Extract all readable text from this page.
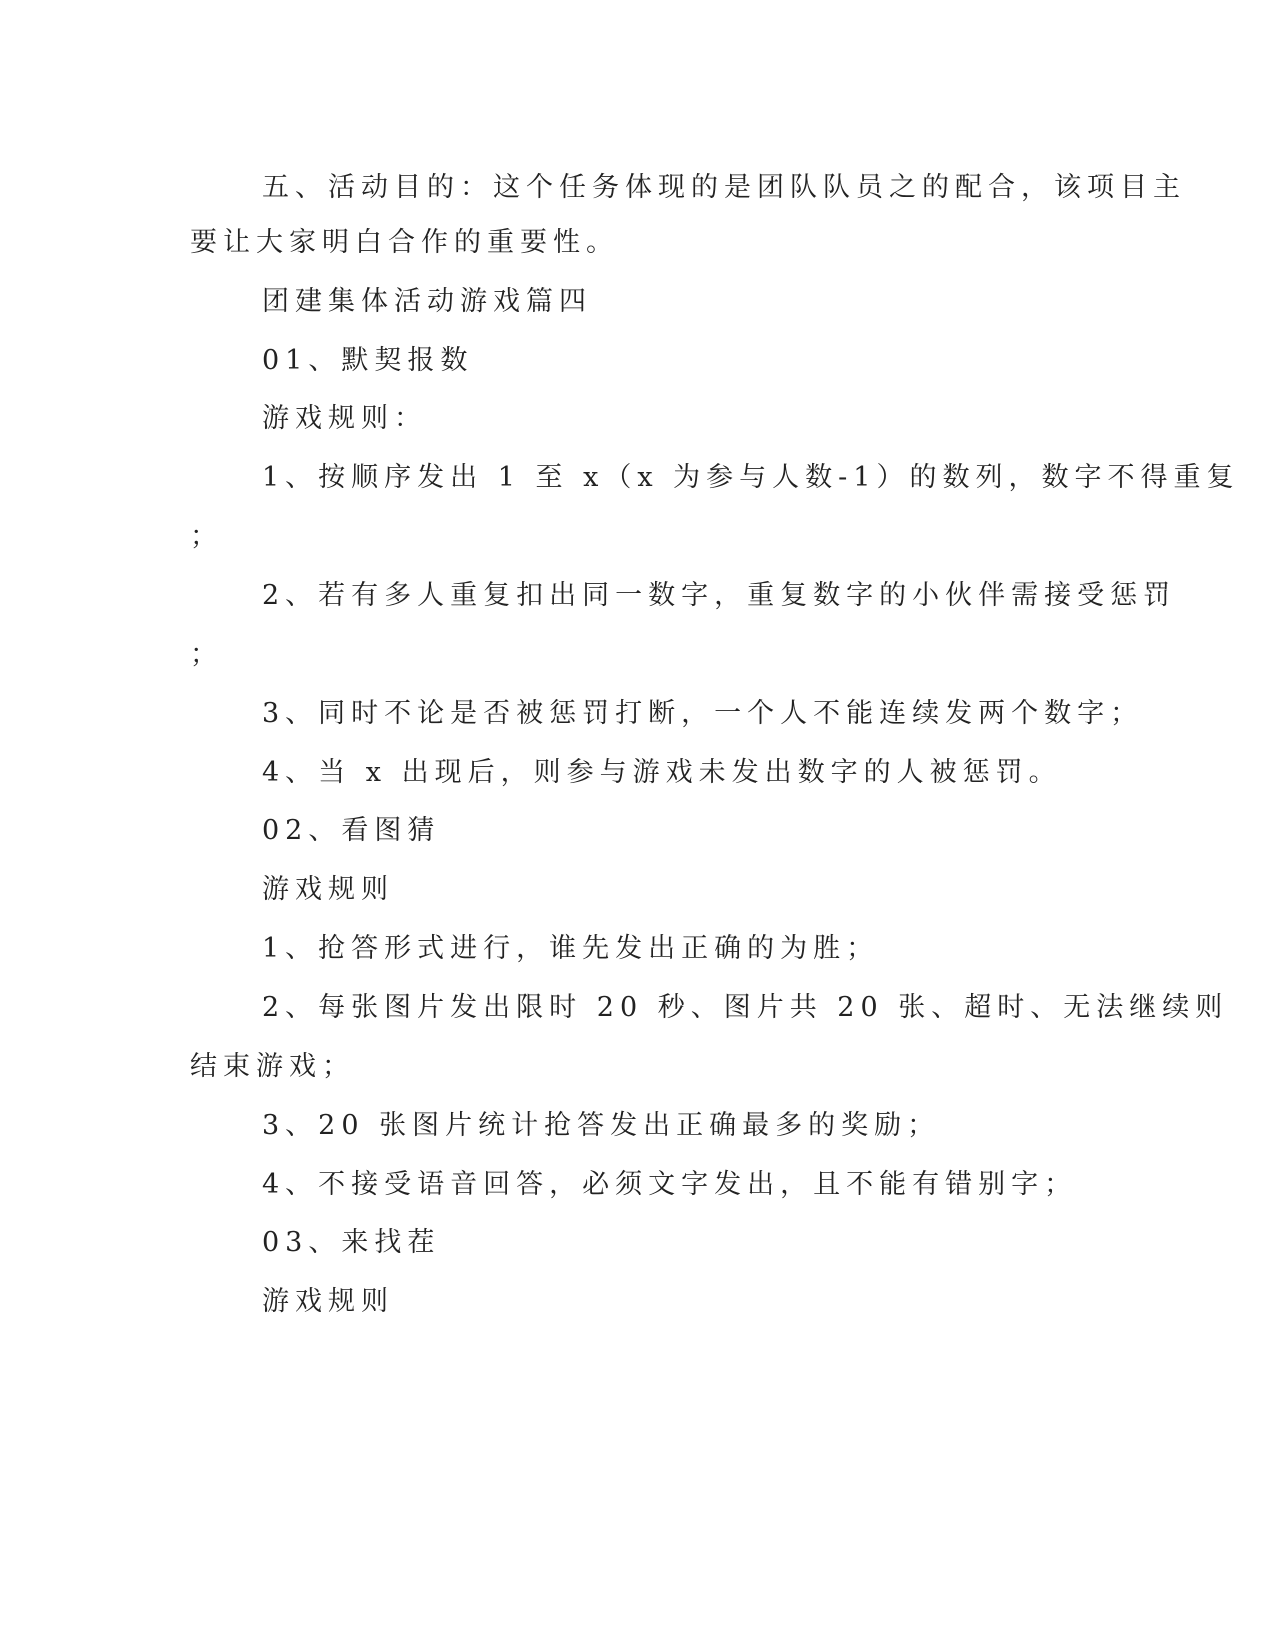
五、活动目的：这个任务体现的是团队队员之的配合，该项目主
要让大家明白合作的重要性。
团建集体活动游戏篇四
01、默契报数
游戏规则：
1、按顺序发出 1 至 x（x 为参与人数-1）的数列，数字不得重复
；
2、若有多人重复扣出同一数字，重复数字的小伙伴需接受惩罚
；
3、同时不论是否被惩罚打断，一个人不能连续发两个数字；
4、当 x 出现后，则参与游戏未发出数字的人被惩罚。
02、看图猜
游戏规则
1、抢答形式进行，谁先发出正确的为胜；
2、每张图片发出限时 20 秒、图片共 20 张、超时、无法继续则
结束游戏；
3、20 张图片统计抢答发出正确最多的奖励；
4、不接受语音回答，必须文字发出，且不能有错别字；
03、来找茬
游戏规则
